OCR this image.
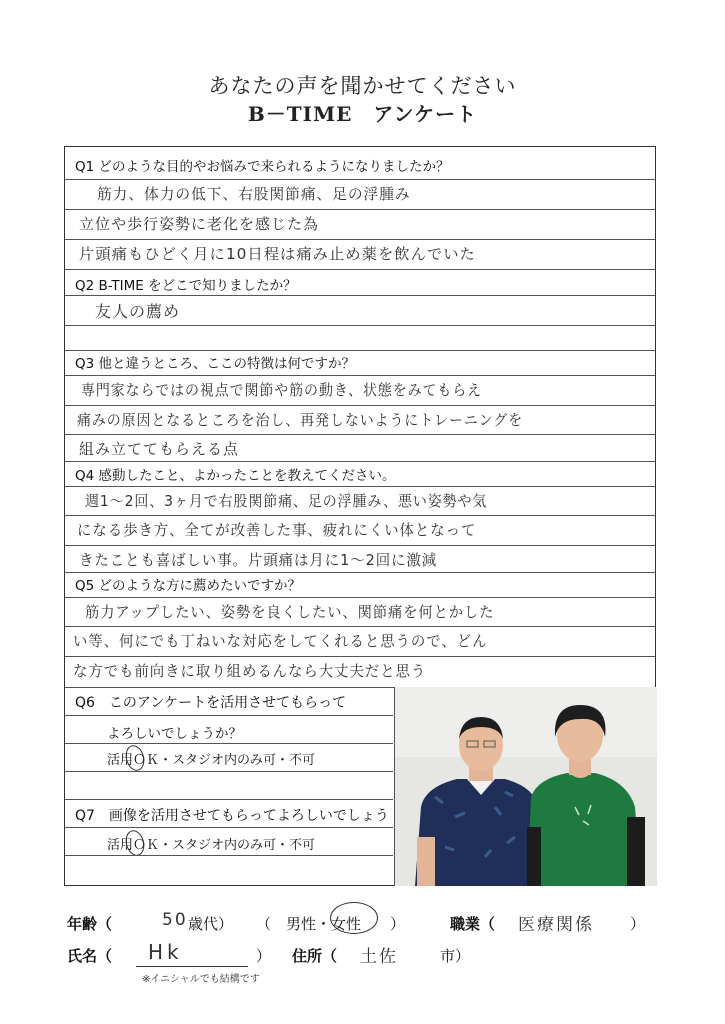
あなたの声を聞かせてください
B－TIME　アンケート
Q1 どのような目的やお悩みで来られるようになりましたか？
筋力、体力の低下、右股関節痛、足の浮腫み
立位や歩行姿勢に老化を感じた為
片頭痛もひどく月に10日程は痛み止め薬を飲んでいた
Q2 B-TIME をどこで知りましたか？
友人の薦め
Q3 他と違うところ、ここの特徴は何ですか？
専門家ならではの視点で関節や筋の動き、状態をみてもらえ
痛みの原因となるところを治し、再発しないようにトレーニングを
組み立ててもらえる点
Q4 感動したこと、よかったことを教えてください。
週1～2回、3ヶ月で右股関節痛、足の浮腫み、悪い姿勢や気
になる歩き方、全てが改善した事、疲れにくい体となって
きたことも喜ばしい事。片頭痛は月に1～2回に激減
Q5 どのような方に薦めたいですか？
筋力アップしたい、姿勢を良くしたい、関節痛を何とかした
い等、何にでも丁ねいな対応をしてくれると思うので、どん
な方でも前向きに取り組めるんなら大丈夫だと思う
Q6　このアンケートを活用させてもらって
よろしいでしょうか？
活用ＯＫ・スタジオ内のみ可・不可
Q7　画像を活用させてもらってよろしいでしょう
活用ＯＫ・スタジオ内のみ可・不可
年齢（	50 歳代） （ 男性・女性 ）	職業（ 医療関係 ）
氏名（ Hk	） 住所（ 土佐	市）
※イニシャルでも結構です
